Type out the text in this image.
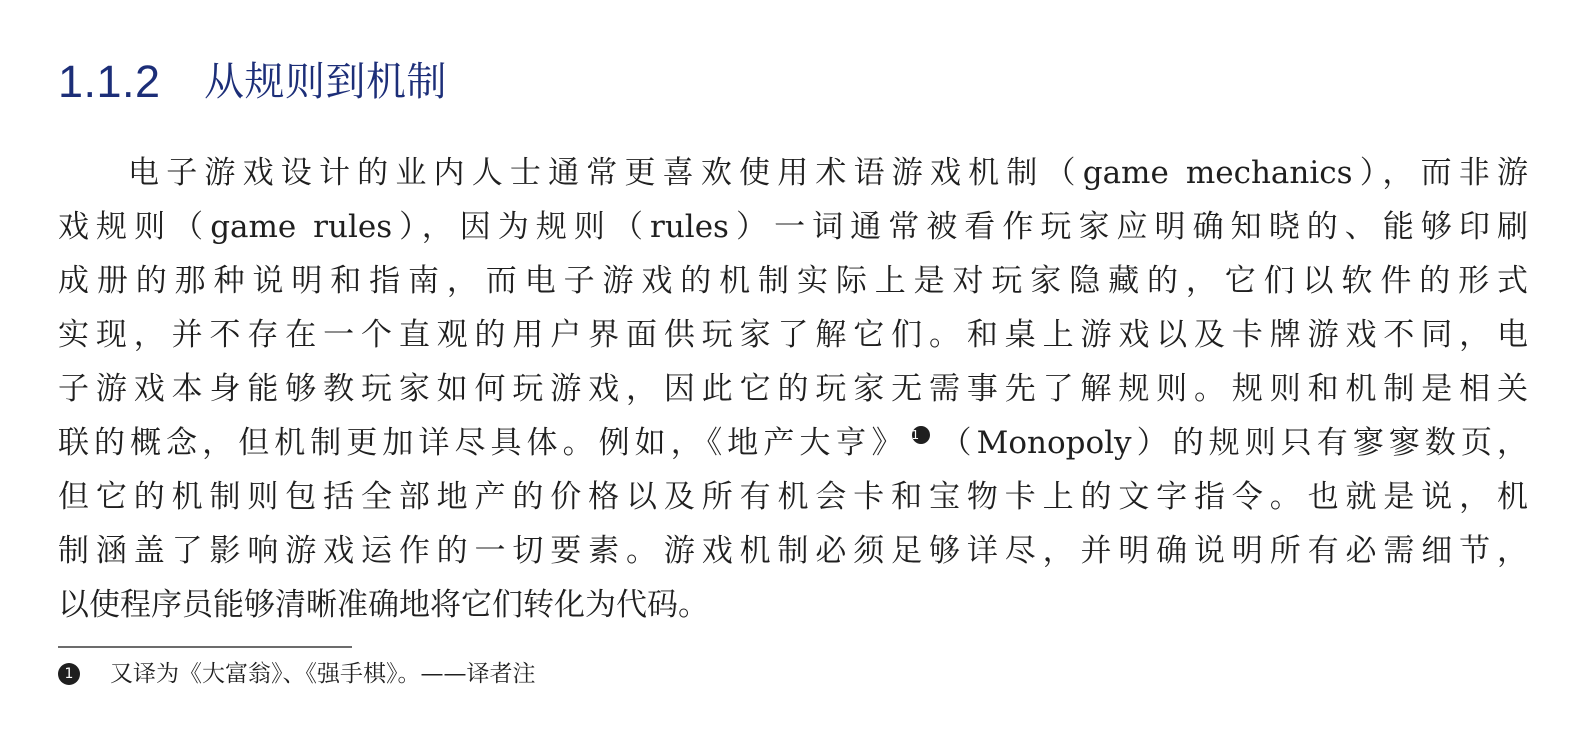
1.1.2	从规则到机制
电子游戏设计的业内人士通常更喜欢使用术语游戏机制（game mechanics），而非游
戏规则（game rules），因为规则（rules）一词通常被看作玩家应明确知晓的、能够印刷
成册的那种说明和指南，而电子游戏的机制实际上是对玩家隐藏的，它们以软件的形式
实现，并不存在一个直观的用户界面供玩家了解它们。和桌上游戏以及卡牌游戏不同，电
子游戏本身能够教玩家如何玩游戏，因此它的玩家无需事先了解规则。规则和机制是相关
联的概念，但机制更加详尽具体。例如，《地产大亨》 1 （Monopoly）的规则只有寥寥数页，
但它的机制则包括全部地产的价格以及所有机会卡和宝物卡上的文字指令。也就是说，机
制涵盖了影响游戏运作的一切要素。游戏机制必须足够详尽，并明确说明所有必需细节，
以使程序员能够清晰准确地将它们转化为代码。
1 又译为《大富翁》、《强手棋》。——译者注
